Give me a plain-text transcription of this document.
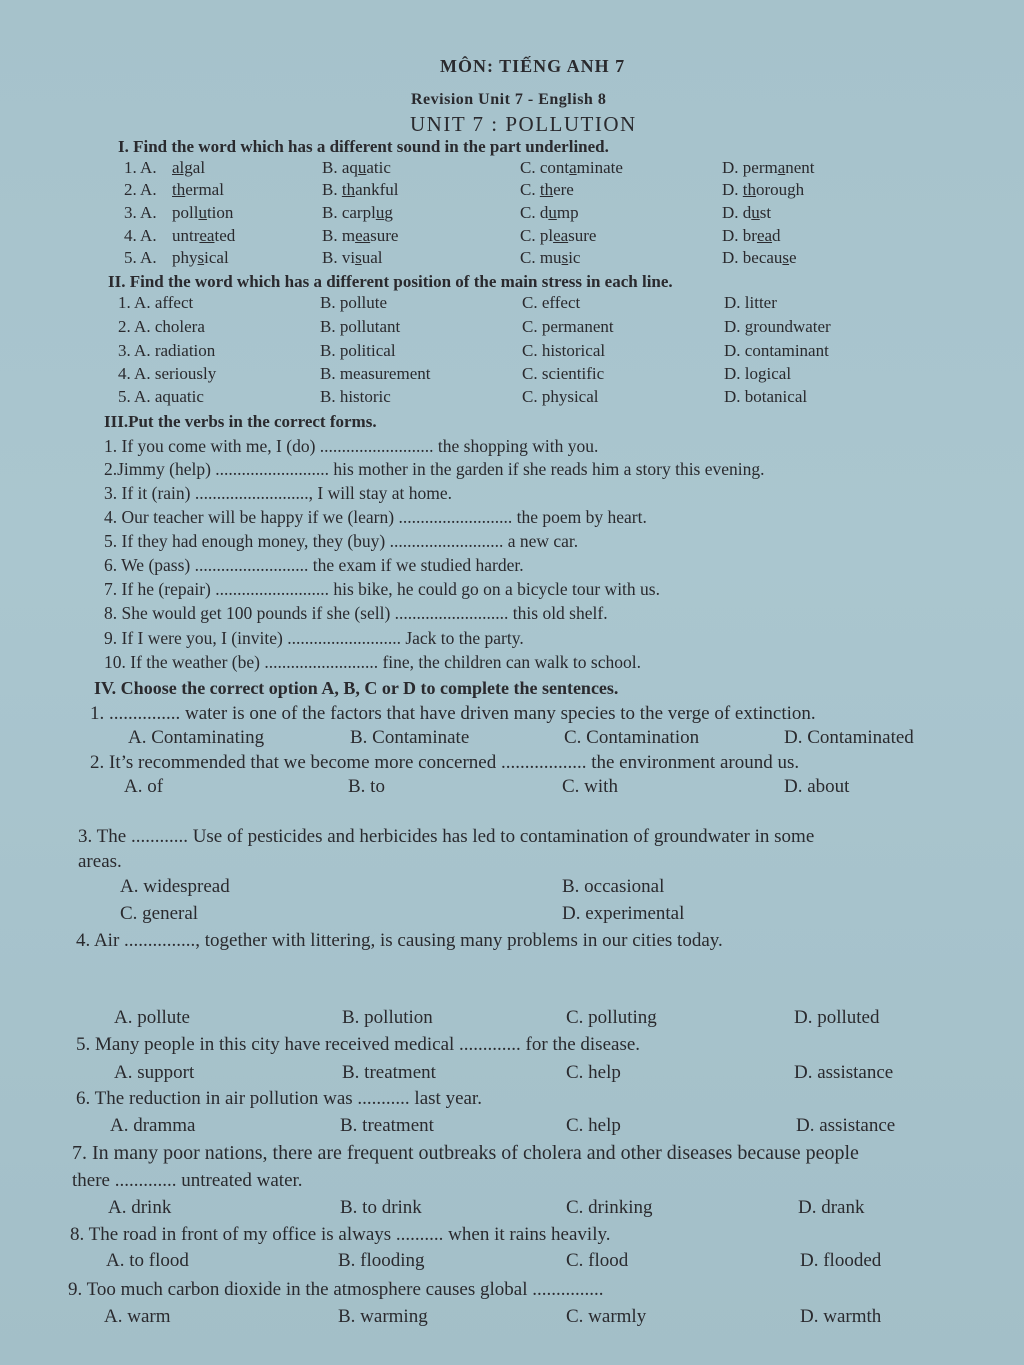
MÔN: TIẾNG ANH 7
Revision Unit 7 - English 8
UNIT 7 : POLLUTION
I. Find the word which has a different sound in the part underlined.
1. A. algal	B. aquatic	C. contaminate	D. permanent
2. A. thermal	B. thankful	C. there	D. thorough
3. A. pollution	B. carplug	C. dump	D. dust
4. A. untreated	B. measure	C. pleasure	D. bread
5. A. physical	B. visual	C. music	D. because
II. Find the word which has a different position of the main stress in each line.
1. A. affect	B. pollute	C. effect	D. litter
2. A. cholera	B. pollutant	C. permanent	D. groundwater
3. A. radiation	B. political	C. historical	D. contaminant
4. A. seriously	B. measurement	C. scientific	D. logical
5. A. aquatic	B. historic	C. physical	D. botanical
III.Put the verbs in the correct forms.
1. If you come with me, I (do) .......................... the shopping with you.
2.Jimmy (help) .......................... his mother in the garden if she reads him a story this evening.
3. If it (rain) .........................., I will stay at home.
4. Our teacher will be happy if we (learn) .......................... the poem by heart.
5. If they had enough money, they (buy) .......................... a new car.
6. We (pass) .......................... the exam if we studied harder.
7. If he (repair) .......................... his bike, he could go on a bicycle tour with us.
8. She would get 100 pounds if she (sell) .......................... this old shelf.
9. If I were you, I (invite) .......................... Jack to the party.
10. If the weather (be) .......................... fine, the children can walk to school.
IV. Choose the correct option A, B, C or D to complete the sentences.
1. ............... water is one of the factors that have driven many species to the verge of extinction.
A. Contaminating	B. Contaminate	C. Contamination	D. Contaminated
2. It’s recommended that we become more concerned .................. the environment around us.
A. of	B. to	C. with	D. about
3. The ............ Use of pesticides and herbicides has led to contamination of groundwater in some
areas.
A. widespread	B. occasional
C. general	D. experimental
4. Air ..............., together with littering, is causing many problems in our cities today.
A. pollute	B. pollution	C. polluting	D. polluted
5. Many people in this city have received medical ............. for the disease.
A. support	B. treatment	C. help	D. assistance
6. The reduction in air pollution was ........... last year.
A. dramma	B. treatment	C. help	D. assistance
7. In many poor nations, there are frequent outbreaks of cholera and other diseases because people
there ............. untreated water.
A. drink	B. to drink	C. drinking	D. drank
8. The road in front of my office is always .......... when it rains heavily.
A. to flood	B. flooding	C. flood	D. flooded
9. Too much carbon dioxide in the atmosphere causes global ...............
A. warm	B. warming	C. warmly	D. warmth
